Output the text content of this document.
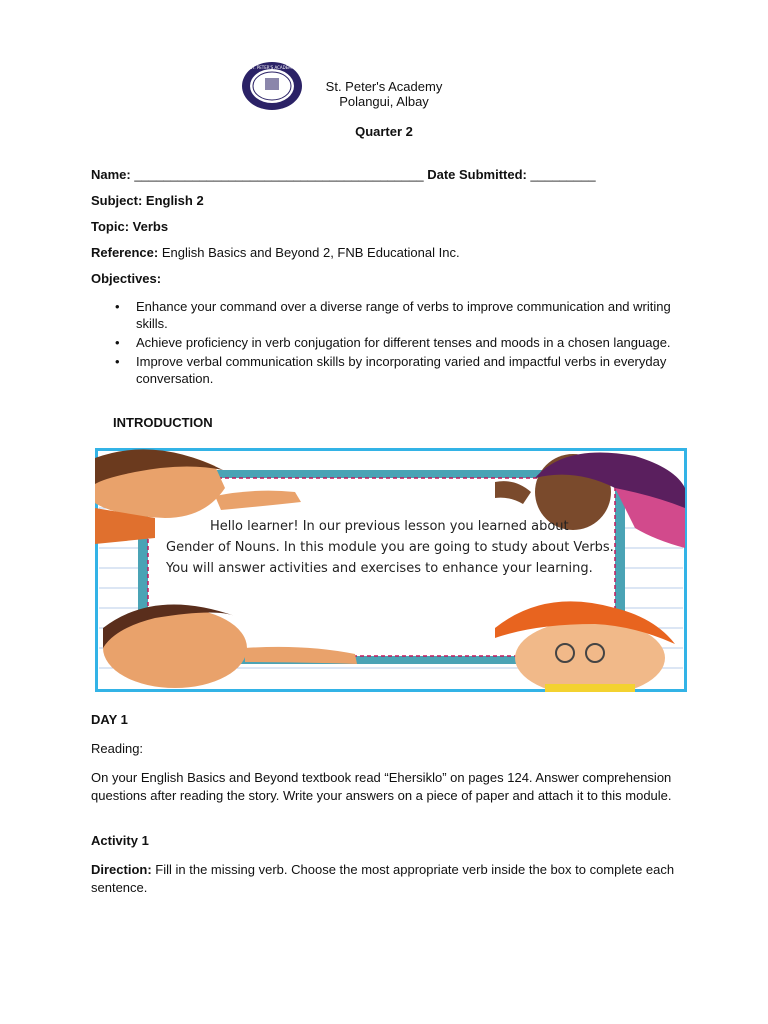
ST. PETER'S ACADEMY
St. Peter's Academy
Polangui, Albay
Quarter 2
Name: ________________________________________ Date Submitted: _________
Subject: English 2
Topic: Verbs
Reference: English Basics and Beyond 2, FNB Educational Inc.
Objectives:
• Enhance your command over a diverse range of verbs to improve communication and writing skills.
• Achieve proficiency in verb conjugation for different tenses and moods in a chosen language.
• Improve verbal communication skills by incorporating varied and impactful verbs in everyday conversation.
INTRODUCTION

Hello learner! In our previous lesson you learned about Gender of Nouns. In this module you are going to study about Verbs. You will answer activities and exercises to enhance your learning.

DAY 1
Reading:
On your English Basics and Beyond textbook read “Ehersiklo” on pages 124. Answer comprehension questions after reading the story. Write your answers on a piece of paper and attach it to this module.
Activity 1
Direction: Fill in the missing verb. Choose the most appropriate verb inside the box to complete each sentence.
